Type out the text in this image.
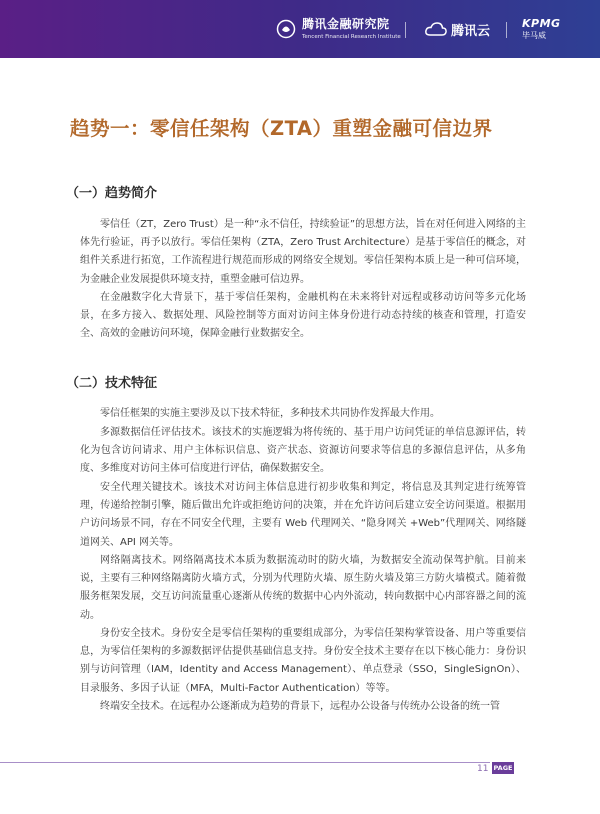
腾讯金融研究院
Tencent Financial Research Institute	腾讯云	KPMG
毕马威
趋势一：零信任架构（ZTA）重塑金融可信边界
（一）趋势简介

零信任（ZT，Zero Trust）是一种“永不信任，持续验证”的思想方法，旨在对任何进入网络的主体先行验证，再予以放行。零信任架构（ZTA，Zero Trust Architecture）是基于零信任的概念，对组件关系进行拓宽，工作流程进行规范而形成的网络安全规划。零信任架构本质上是一种可信环境，为金融企业发展提供环境支持，重塑金融可信边界。

在金融数字化大背景下，基于零信任架构，金融机构在未来将针对远程或移动访问等多元化场景，在多方接入、数据处理、风险控制等方面对访问主体身份进行动态持续的核查和管理，打造安全、高效的金融访问环境，保障金融行业数据安全。

（二）技术特征

零信任框架的实施主要涉及以下技术特征，多种技术共同协作发挥最大作用。

多源数据信任评估技术。该技术的实施逻辑为将传统的、基于用户访问凭证的单信息源评估，转化为包含访问请求、用户主体标识信息、资产状态、资源访问要求等信息的多源信息评估，从多角度、多维度对访问主体可信度进行评估，确保数据安全。

安全代理关键技术。该技术对访问主体信息进行初步收集和判定，将信息及其判定进行统筹管理，传递给控制引擎，随后做出允许或拒绝访问的决策，并在允许访问后建立安全访问渠道。根据用户访问场景不同，存在不同安全代理，主要有 Web 代理网关、“隐身网关 +Web”代理网关、网络隧道网关、API 网关等。

网络隔离技术。网络隔离技术本质为数据流动时的防火墙，为数据安全流动保驾护航。目前来说，主要有三种网络隔离防火墙方式，分别为代理防火墙、原生防火墙及第三方防火墙模式。随着微服务框架发展，交互访问流量重心逐渐从传统的数据中心内外流动，转向数据中心内部容器之间的流动。

身份安全技术。身份安全是零信任架构的重要组成部分，为零信任架构掌管设备、用户等重要信息，为零信任架构的多源数据评估提供基础信息支持。身份安全技术主要存在以下核心能力：身份识别与访问管理（IAM，Identity and Access Management）、单点登录（SSO，SingleSignOn）、目录服务、多因子认证（MFA，Multi-Factor Authentication）等等。

终端安全技术。在远程办公逐渐成为趋势的背景下，远程办公设备与传统办公设备的统一管

11 PAGE
